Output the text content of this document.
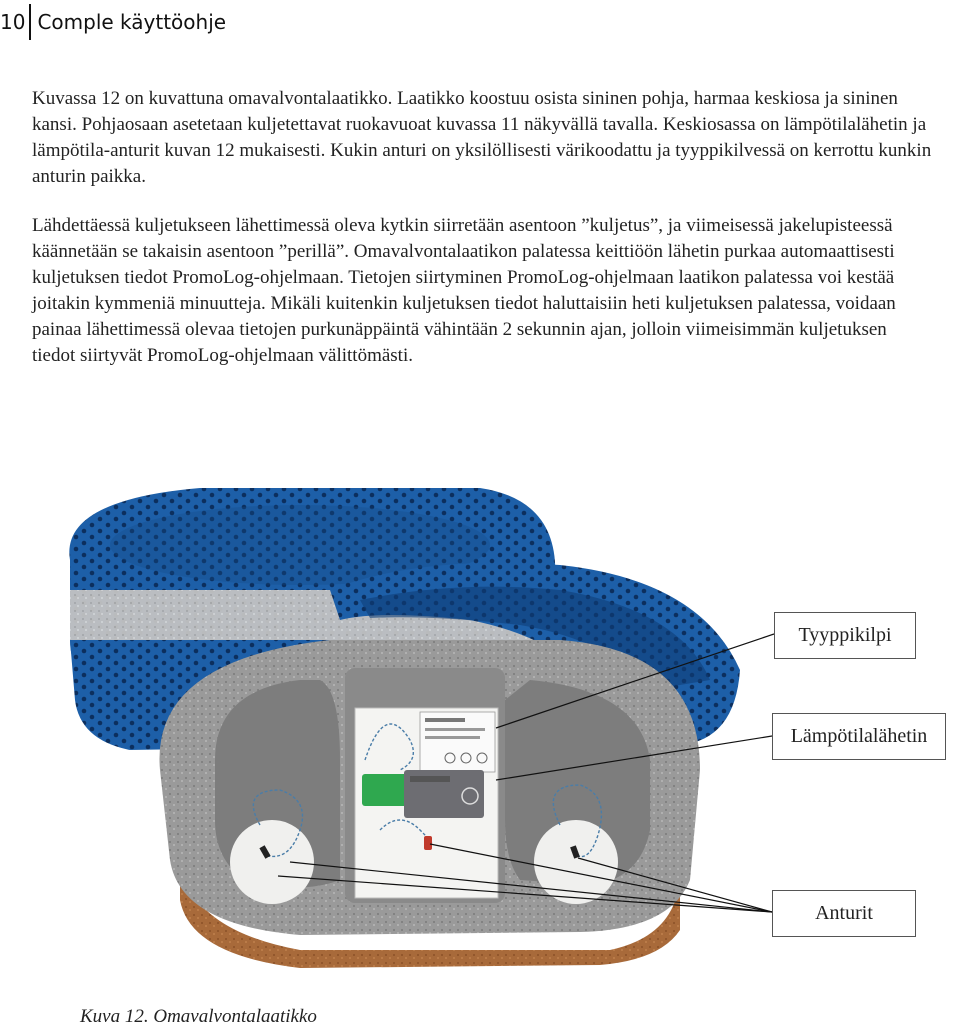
10 Comple käyttöohje

Kuvassa 12 on kuvattuna omavalvontalaatikko. Laatikko koostuu osista sininen pohja, harmaa keskiosa ja sininen kansi. Pohjaosaan asetetaan kuljetettavat ruokavuoat kuvassa 11 näkyvällä tavalla. Keskiosassa on lämpötilalähetin ja lämpötila-anturit kuvan 12 mukaisesti. Kukin anturi on yksilöllisesti värikoodattu ja tyyppikilvessä on kerrottu kunkin anturin paikka.

Lähdettäessä kuljetukseen lähettimessä oleva kytkin siirretään asentoon ”kuljetus”, ja viimeisessä jakelupisteessä käännetään se takaisin asentoon ”perillä”. Omavalvontalaatikon palatessa keittiöön lähetin purkaa automaattisesti kuljetuksen tiedot PromoLog-ohjelmaan. Tietojen siirtyminen PromoLog-ohjelmaan laatikon palatessa voi kestää joitakin kymmeniä minuutteja. Mikäli kuitenkin kuljetuksen tiedot haluttaisiin heti kuljetuksen palatessa, voidaan painaa lähettimessä olevaa tietojen purkunäppäintä vähintään 2 sekunnin ajan, jolloin viimeisimmän kuljetuksen tiedot siirtyvät PromoLog-ohjelmaan välittömästi.

Tyyppikilpi
Lämpötilalähetin
Anturit
Kuva 12. Omavalvontalaatikko
